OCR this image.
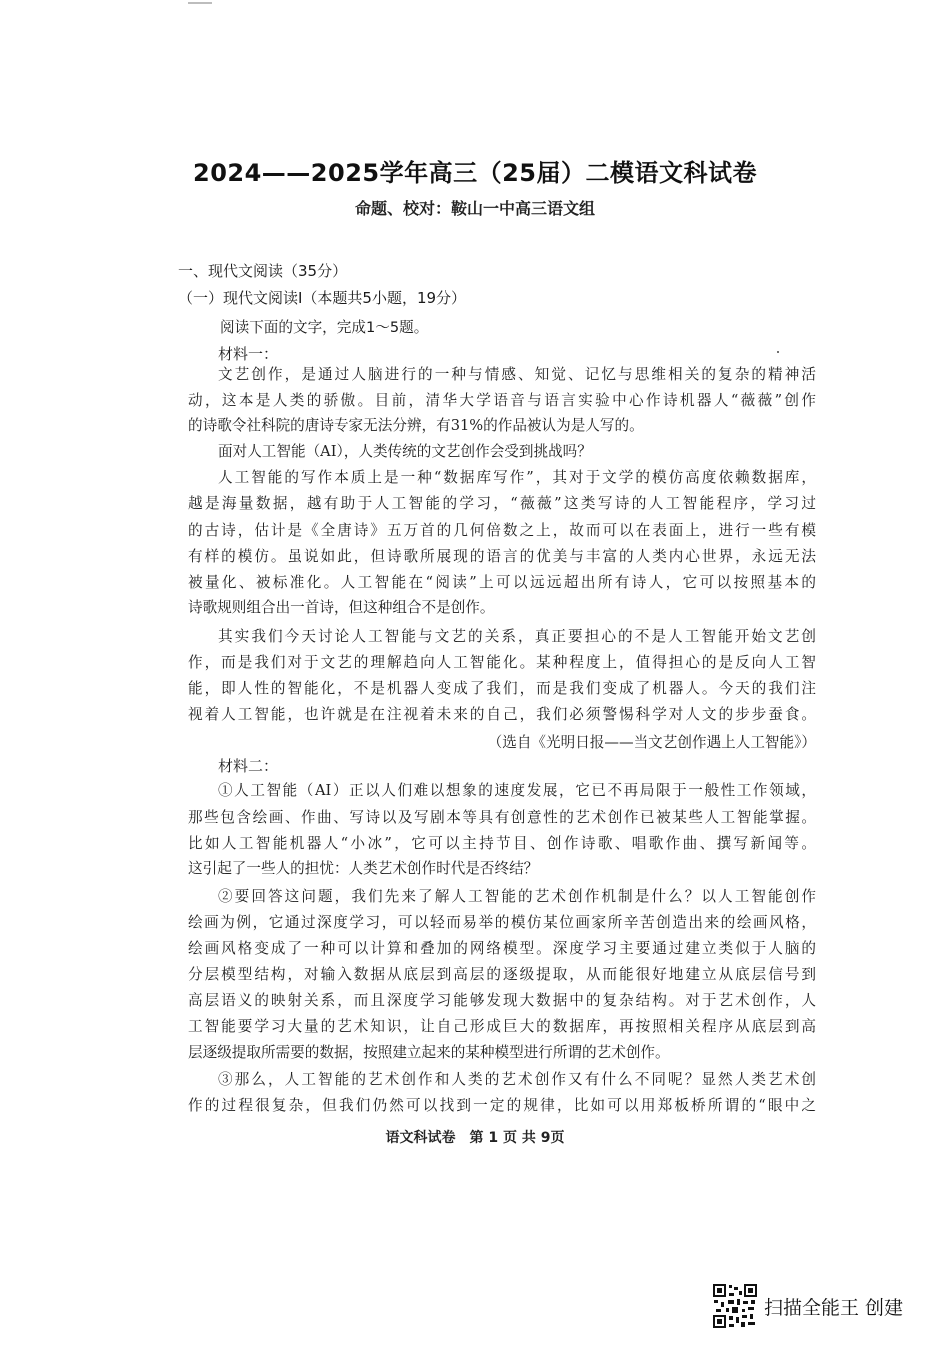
2024——2025学年高三（25届）二模语文科试卷
命题、校对：鞍山一中高三语文组
一、现代文阅读（35分）
（一）现代文阅读Ⅰ（本题共5小题，19分）
阅读下面的文字，完成1～5题。
材料一：
文艺创作，是通过人脑进行的一种与情感、知觉、记忆与思维相关的复杂的精神活
动，这本是人类的骄傲。目前，清华大学语音与语言实验中心作诗机器人“薇薇”创作
的诗歌令社科院的唐诗专家无法分辨，有31%的作品被认为是人写的。
面对人工智能（AI），人类传统的文艺创作会受到挑战吗？
人工智能的写作本质上是一种“数据库写作”，其对于文学的模仿高度依赖数据库，
越是海量数据，越有助于人工智能的学习，“薇薇”这类写诗的人工智能程序，学习过
的古诗，估计是《全唐诗》五万首的几何倍数之上，故而可以在表面上，进行一些有模
有样的模仿。虽说如此，但诗歌所展现的语言的优美与丰富的人类内心世界，永远无法
被量化、被标准化。人工智能在“阅读”上可以远远超出所有诗人，它可以按照基本的
诗歌规则组合出一首诗，但这种组合不是创作。
其实我们今天讨论人工智能与文艺的关系，真正要担心的不是人工智能开始文艺创
作，而是我们对于文艺的理解趋向人工智能化。某种程度上，值得担心的是反向人工智
能，即人性的智能化，不是机器人变成了我们，而是我们变成了机器人。今天的我们注
视着人工智能，也许就是在注视着未来的自己，我们必须警惕科学对人文的步步蚕食。
（选自《光明日报——当文艺创作遇上人工智能》）
材料二：
①人工智能（AI）正以人们难以想象的速度发展，它已不再局限于一般性工作领域，
那些包含绘画、作曲、写诗以及写剧本等具有创意性的艺术创作已被某些人工智能掌握。
比如人工智能机器人“小冰”，它可以主持节目、创作诗歌、唱歌作曲、撰写新闻等。
这引起了一些人的担忧：人类艺术创作时代是否终结？
②要回答这问题，我们先来了解人工智能的艺术创作机制是什么？以人工智能创作
绘画为例，它通过深度学习，可以轻而易举的模仿某位画家所辛苦创造出来的绘画风格，
绘画风格变成了一种可以计算和叠加的网络模型。深度学习主要通过建立类似于人脑的
分层模型结构，对输入数据从底层到高层的逐级提取，从而能很好地建立从底层信号到
高层语义的映射关系，而且深度学习能够发现大数据中的复杂结构。对于艺术创作，人
工智能要学习大量的艺术知识，让自己形成巨大的数据库，再按照相关程序从底层到高
层逐级提取所需要的数据，按照建立起来的某种模型进行所谓的艺术创作。
③那么，人工智能的艺术创作和人类的艺术创作又有什么不同呢？显然人类艺术创
作的过程很复杂，但我们仍然可以找到一定的规律，比如可以用郑板桥所谓的“眼中之
语文科试卷　第 1 页 共 9页
扫描全能王 创建
